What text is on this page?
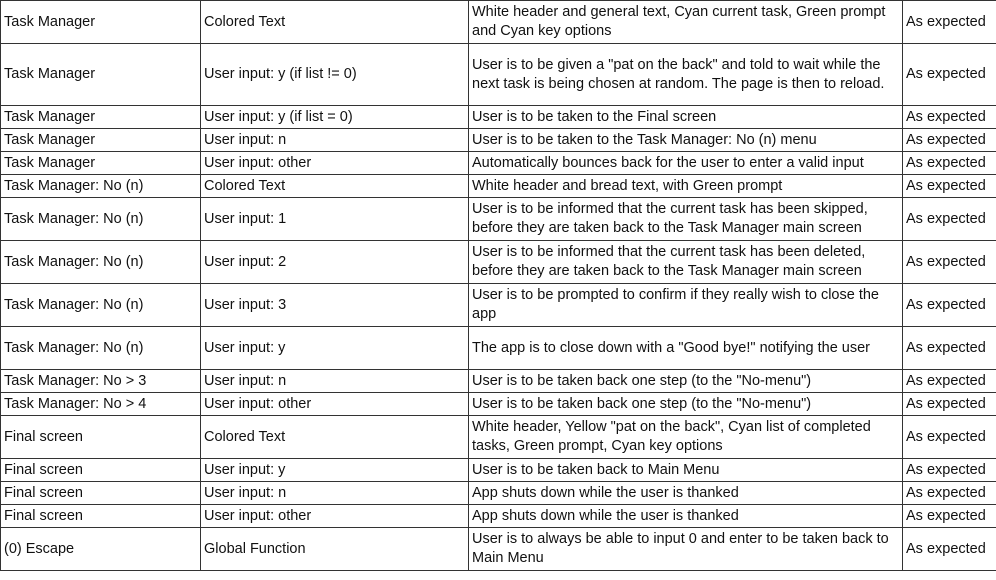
Task Manager	Colored Text	White header and general text, Cyan current task, Green prompt and Cyan key options	As expected
Task Manager	User input: y (if list != 0)	User is to be given a "pat on the back" and told to wait while the next task is being chosen at random. The page is then to reload.	As expected
Task Manager	User input: y (if list = 0)	User is to be taken to the Final screen	As expected
Task Manager	User input: n	User is to be taken to the Task Manager: No (n) menu	As expected
Task Manager	User input: other	Automatically bounces back for the user to enter a valid input	As expected
Task Manager: No (n)	Colored Text	White header and bread text, with Green prompt	As expected
Task Manager: No (n)	User input: 1	User is to be informed that the current task has been skipped, before they are taken back to the Task Manager main screen	As expected
Task Manager: No (n)	User input: 2	User is to be informed that the current task has been deleted, before they are taken back to the Task Manager main screen	As expected
Task Manager: No (n)	User input: 3	User is to be prompted to confirm if they really wish to close the app	As expected
Task Manager: No (n)	User input: y	The app is to close down with a "Good bye!" notifying the user	As expected
Task Manager: No > 3	User input: n	User is to be taken back one step (to the "No-menu")	As expected
Task Manager: No > 4	User input: other	User is to be taken back one step (to the "No-menu")	As expected
Final screen	Colored Text	White header, Yellow "pat on the back", Cyan list of completed tasks, Green prompt, Cyan key options	As expected
Final screen	User input: y	User is to be taken back to Main Menu	As expected
Final screen	User input: n	App shuts down while the user is thanked	As expected
Final screen	User input: other	App shuts down while the user is thanked	As expected
(0) Escape	Global Function	User is to always be able to input 0 and enter to be taken back to Main Menu	As expected
